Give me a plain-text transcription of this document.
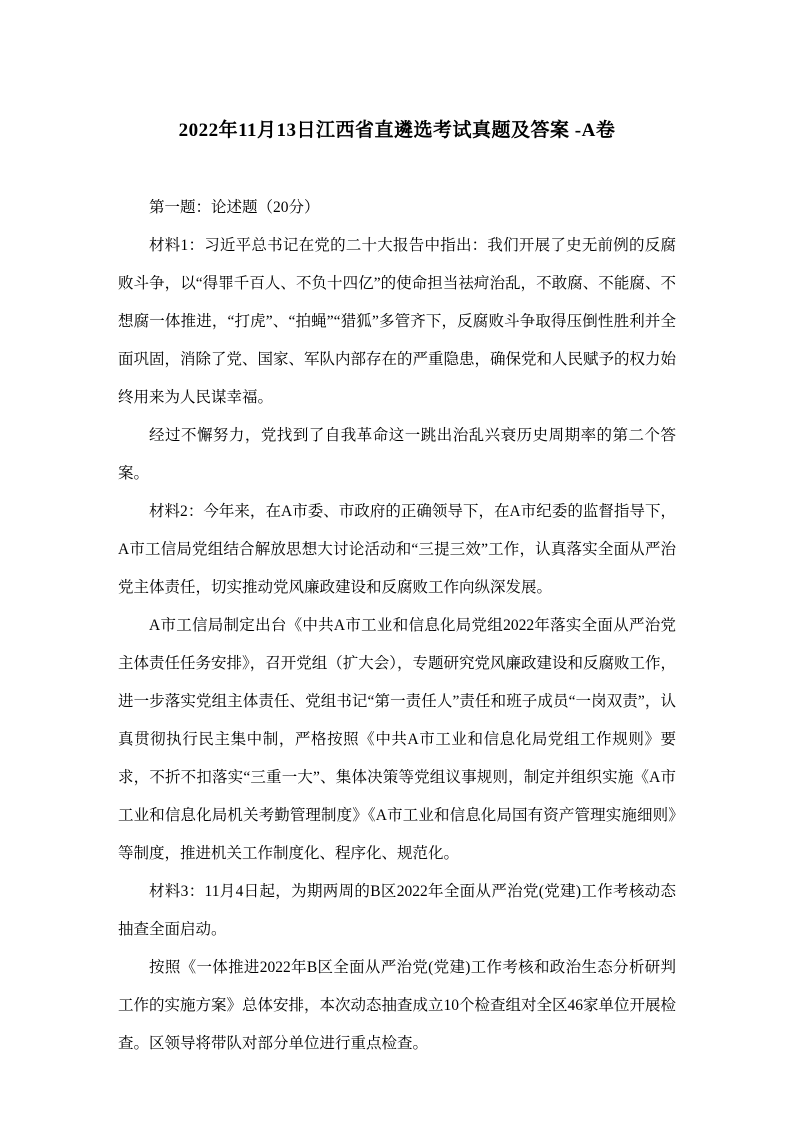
2022年11月13日江西省直遴选考试真题及答案 -A卷

第一题：论述题（20分）

材料1：习近平总书记在党的二十大报告中指出：我们开展了史无前例的反腐败斗争，以“得罪千百人、不负十四亿”的使命担当祛疴治乱，不敢腐、不能腐、不想腐一体推进，“打虎”、“拍蝇”“猎狐”多管齐下，反腐败斗争取得压倒性胜利并全面巩固，消除了党、国家、军队内部存在的严重隐患，确保党和人民赋予的权力始终用来为人民谋幸福。

经过不懈努力，党找到了自我革命这一跳出治乱兴衰历史周期率的第二个答案。

材料2：今年来，在A市委、市政府的正确领导下，在A市纪委的监督指导下，A市工信局党组结合解放思想大讨论活动和“三提三效”工作，认真落实全面从严治党主体责任，切实推动党风廉政建设和反腐败工作向纵深发展。

A市工信局制定出台《中共A市工业和信息化局党组2022年落实全面从严治党主体责任任务安排》，召开党组（扩大会），专题研究党风廉政建设和反腐败工作，进一步落实党组主体责任、党组书记“第一责任人”责任和班子成员“一岗双责”，认真贯彻执行民主集中制，严格按照《中共A市工业和信息化局党组工作规则》要求，不折不扣落实“三重一大”、集体决策等党组议事规则，制定并组织实施《A市工业和信息化局机关考勤管理制度》《A市工业和信息化局国有资产管理实施细则》等制度，推进机关工作制度化、程序化、规范化。

材料3：11月4日起，为期两周的B区2022年全面从严治党(党建)工作考核动态抽查全面启动。

按照《一体推进2022年B区全面从严治党(党建)工作考核和政治生态分析研判工作的实施方案》总体安排，本次动态抽查成立10个检查组对全区46家单位开展检查。区领导将带队对部分单位进行重点检查。
